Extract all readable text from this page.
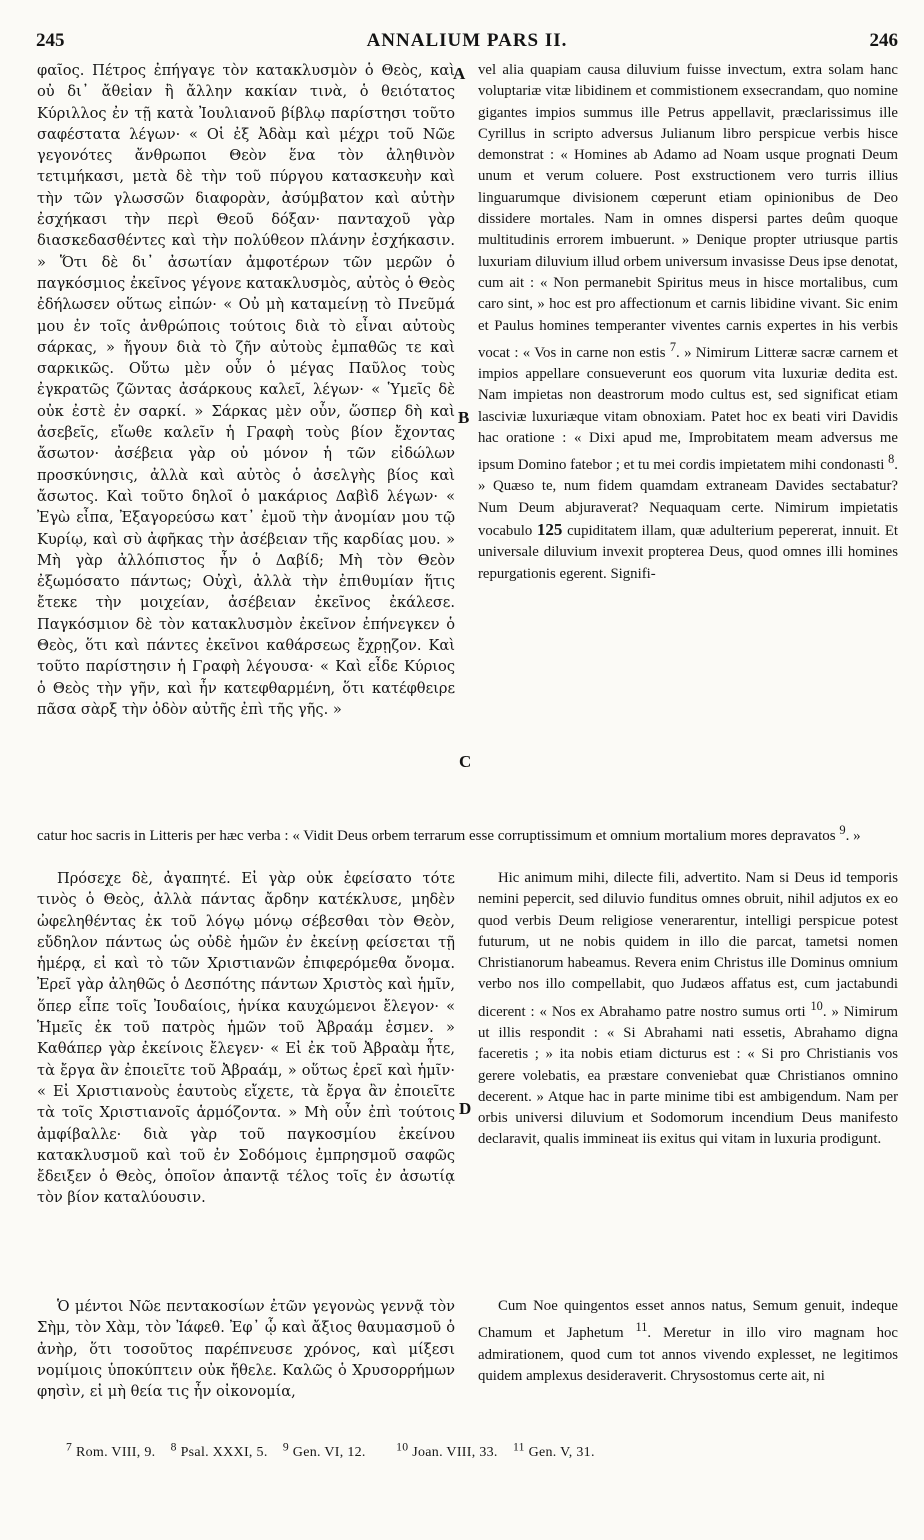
245	ANNALIUM PARS II.	246
A
B
C
D

φαῖος. Πέτρος ἐπήγαγε τὸν κατακλυσμὸν ὁ Θεὸς, καὶ οὐ δι᾽ ἄθεἰαν ἢ ἄλλην κακίαν τινὰ, ὁ θειότατος Κύριλλος ἐν τῇ κατὰ Ἰουλιανοῦ βίβλῳ παρίστησι τοῦτο σαφέστατα λέγων· « Οἱ ἐξ Ἀδὰμ καὶ μέχρι τοῦ Νῶε γεγονότες ἄνθρωποι Θεὸν ἕνα τὸν ἀληθινὸν τετιμήκασι, μετὰ δὲ τὴν τοῦ πύργου κατασκευὴν καὶ τὴν τῶν γλωσσῶν διαφορὰν, ἀσύμβατον καὶ αὐτὴν ἐσχήκασι τὴν περὶ Θεοῦ δόξαν· πανταχοῦ γὰρ διασκεδασθέντες καὶ τὴν πολύθεον πλάνην ἐσχήκασιν. » Ὅτι δὲ δι᾽ ἀσωτίαν ἀμφοτέρων τῶν μερῶν ὁ παγκόσμιος ἐκεῖνος γέγονε κατακλυσμὸς, αὐτὸς ὁ Θεὸς ἐδήλωσεν οὕτως εἰπών· « Οὐ μὴ καταμείνῃ τὸ Πνεῦμά μου ἐν τοῖς ἀνθρώποις τούτοις διὰ τὸ εἶναι αὐτοὺς σάρκας, » ἤγουν διὰ τὸ ζῆν αὐτοὺς ἐμπαθῶς τε καὶ σαρκικῶς. Οὕτω μὲν οὖν ὁ μέγας Παῦλος τοὺς ἐγκρατῶς ζῶντας ἀσάρκους καλεῖ, λέγων· « Ὑμεῖς δὲ οὐκ ἐστὲ ἐν σαρκί. » Σάρκας μὲν οὖν, ὥσπερ δὴ καὶ ἀσεβεῖς, εἴωθε καλεῖν ἡ Γραφὴ τοὺς βίον ἔχοντας ἄσωτον· ἀσέβεια γὰρ οὐ μόνον ἡ τῶν εἰδώλων προσκύνησις, ἀλλὰ καὶ αὐτὸς ὁ ἀσελγὴς βίος καὶ ἄσωτος. Καὶ τοῦτο δηλοῖ ὁ μακάριος Δαβὶδ λέγων· « Ἐγὼ εἶπα, Ἐξαγορεύσω κατ᾽ ἐμοῦ τὴν ἀνομίαν μου τῷ Κυρίῳ, καὶ σὺ ἀφῆκας τὴν ἀσέβειαν τῆς καρδίας μου. » Μὴ γὰρ ἀλλόπιστος ἦν ὁ Δαβίδ; Μὴ τὸν Θεὸν ἐξωμόσατο πάντως; Οὐχὶ, ἀλλὰ τὴν ἐπιθυμίαν ἥτις ἔτεκε τὴν μοιχείαν, ἀσέβειαν ἐκεῖνος ἐκάλεσε. Παγκόσμιον δὲ τὸν κατακλυσμὸν ἐκεῖνον ἐπήνεγκεν ὁ Θεὸς, ὅτι καὶ πάντες ἐκεῖνοι καθάρσεως ἔχρῃζον. Καὶ τοῦτο παρίστησιν ἡ Γραφὴ λέγουσα· « Καὶ εἶδε Κύριος ὁ Θεὸς τὴν γῆν, καὶ ἦν κατεφθαρμένη, ὅτι κατέφθειρε πᾶσα σὰρξ τὴν ὁδὸν αὐτῆς ἐπὶ τῆς γῆς. »

vel alia quapiam causa diluvium fuisse invectum, extra solam hanc voluptariæ vitæ libidinem et commistionem exsecrandam, quo nomine gigantes impios summus ille Petrus appellavit, præclarissimus ille Cyrillus in scripto adversus Julianum libro perspicue verbis hisce demonstrat : « Homines ab Adamo ad Noam usque prognati Deum unum et verum coluere. Post exstructionem vero turris illius linguarumque divisionem cœperunt etiam opinionibus de Deo dissidere mortales. Nam in omnes dispersi partes deûm quoque multitudinis errorem imbuerunt. » Denique propter utriusque partis luxuriam diluvium illud orbem universum invasisse Deus ipse denotat, cum ait : « Non permanebit Spiritus meus in hisce mortalibus, cum caro sint, » hoc est pro affectionum et carnis libidine vivant. Sic enim et Paulus homines temperanter viventes carnis expertes in his verbis vocat : « Vos in carne non estis $^7$. » Nimirum Litteræ sacræ carnem et impios appellare consueverunt eos quorum vita luxuriæ dedita est. Nam impietas non deastrorum modo cultus est, sed significat etiam lasciviæ luxuriæque vitam obnoxiam. Patet hoc ex beati viri Davidis hac oratione : « Dixi apud me, Improbitatem meam adversus me ipsum Domino fatebor ; et tu mei cordis impietatem mihi condonasti $^8$. » Quæso te, num fidem quamdam extraneam Davides sectabatur? Num Deum abjuraverat? Nequaquam certe. Nimirum impietatis vocabulo 125 cupiditatem illam, quæ adulterium pepererat, innuit. Et universale diluvium invexit propterea Deus, quod omnes illi homines repurgationis egerent. Signifi-

catur hoc sacris in Litteris per hæc verba : « Vidit Deus orbem terrarum esse corruptissimum et omnium mortalium mores depravatos $^9$. »

Πρόσεχε δὲ, ἀγαπητέ. Εἰ γὰρ οὐκ ἐφείσατο τότε τινὸς ὁ Θεὸς, ἀλλὰ πάντας ἄρδην κατέκλυσε, μηδὲν ὠφεληθέντας ἐκ τοῦ λόγῳ μόνῳ σέβεσθαι τὸν Θεὸν, εὔδηλον πάντως ὡς οὐδὲ ἡμῶν ἐν ἐκείνῃ φείσεται τῇ ἡμέρᾳ, εἰ καὶ τὸ τῶν Χριστιανῶν ἐπιφερόμεθα ὄνομα. Ἐρεῖ γὰρ ἀληθῶς ὁ Δεσπότης πάντων Χριστὸς καὶ ἡμῖν, ὅπερ εἶπε τοῖς Ἰουδαίοις, ἡνίκα καυχώμενοι ἔλεγον· « Ἡμεῖς ἐκ τοῦ πατρὸς ἡμῶν τοῦ Ἀβραάμ ἐσμεν. » Καθάπερ γὰρ ἐκείνοις ἔλεγεν· « Εἰ ἐκ τοῦ Ἀβραὰμ ἦτε, τὰ ἔργα ἂν ἐποιεῖτε τοῦ Ἀβραάμ, » οὕτως ἐρεῖ καὶ ἡμῖν· « Εἰ Χριστιανοὺς ἑαυτοὺς εἴχετε, τὰ ἔργα ἂν ἐποιεῖτε τὰ τοῖς Χριστιανοῖς ἁρμόζοντα. » Μὴ οὖν ἐπὶ τούτοις ἀμφίβαλλε· διὰ γὰρ τοῦ παγκοσμίου ἐκείνου κατακλυσμοῦ καὶ τοῦ ἐν Σοδόμοις ἐμπρησμοῦ σαφῶς ἔδειξεν ὁ Θεὸς, ὁποῖον ἀπαντᾷ τέλος τοῖς ἐν ἀσωτίᾳ τὸν βίον καταλύουσιν.

Hic animum mihi, dilecte fili, advertito. Nam si Deus id temporis nemini pepercit, sed diluvio funditus omnes obruit, nihil adjutos ex eo quod verbis Deum religiose venerarentur, intelligi perspicue potest futurum, ut ne nobis quidem in illo die parcat, tametsi nomen Christianorum habeamus. Revera enim Christus ille Dominus omnium verbo nos illo compellabit, quo Judæos affatus est, cum jactabundi dicerent : « Nos ex Abrahamo patre nostro sumus orti $^{10}$. » Nimirum ut illis respondit : « Si Abrahami nati essetis, Abrahamo digna faceretis ; » ita nobis etiam dicturus est : « Si pro Christianis vos gerere volebatis, ea præstare conveniebat quæ Christianos omnino decerent. » Atque hac in parte minime tibi est ambigendum. Nam per orbis universi diluvium et Sodomorum incendium Deus manifesto declaravit, qualis immineat iis exitus qui vitam in luxuria prodigunt.

Ὁ μέντοι Νῶε πεντακοσίων ἐτῶν γεγονὼς γεννᾷ τὸν Σὴμ, τὸν Χὰμ, τὸν Ἰάφεθ. Ἐφ᾽ ᾧ καὶ ἄξιος θαυμασμοῦ ὁ ἀνὴρ, ὅτι τοσοῦτος παρέπνευσε χρόνος, καὶ μίξεσι νομίμοις ὑποκύπτειν οὐκ ἤθελε. Καλῶς ὁ Χρυσορρήμων φησὶν, εἰ μὴ θεία τις ἦν οἰκονομία,

Cum Noe quingentos esset annos natus, Semum genuit, indeque Chamum et Japhetum $^{11}$. Meretur in illo viro magnam hoc admirationem, quod cum tot annos vivendo explesset, ne legitimos quidem amplexus desideraverit. Chrysostomus certe ait, ni

$^7$ Rom. VIII, 9. $^8$ Psal. XXXI, 5. $^9$ Gen. VI, 12.	$^{10}$ Joan. VIII, 33. $^{11}$ Gen. V, 31.
